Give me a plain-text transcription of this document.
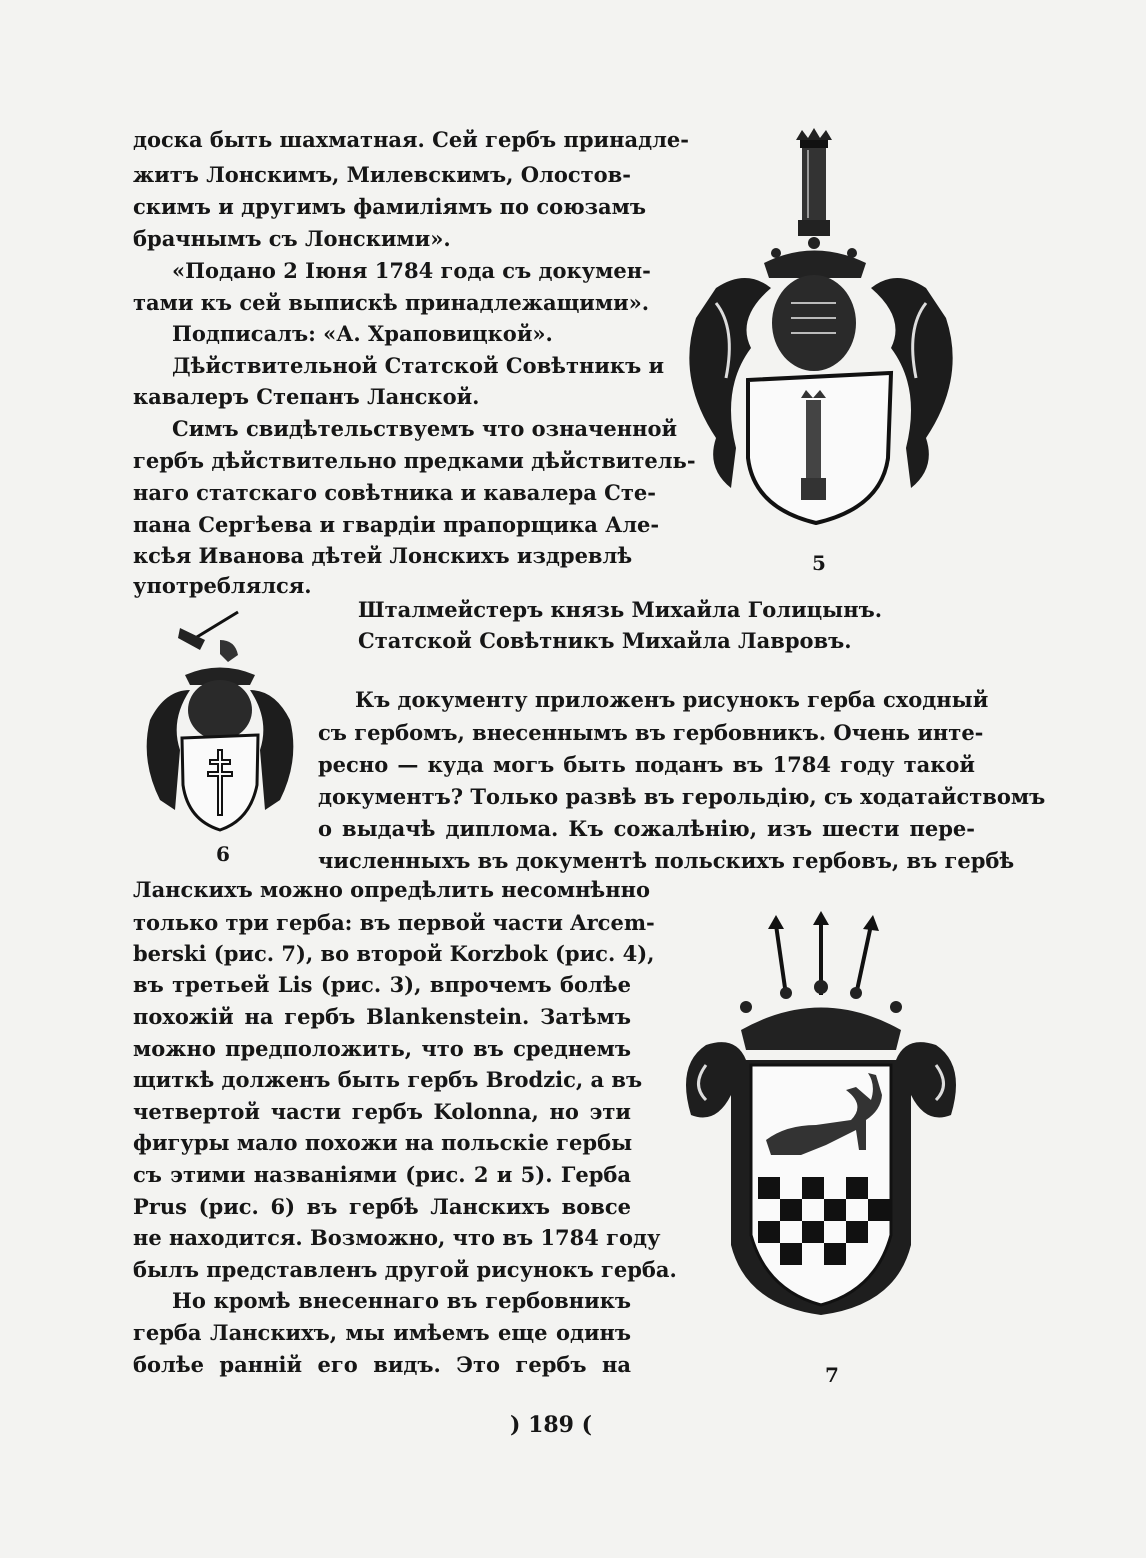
доска быть шахматная. Сей гербъ принадле-
житъ Лонскимъ, Милевскимъ, Олостов-
скимъ и другимъ фамиліямъ по союзамъ
брачнымъ съ Лонскими».
«Подано 2 Іюня 1784 года съ докумен-
тами къ сей выпискѣ принадлежащими».
Подписалъ: «А. Храповицкой».
Дѣйствительной Статской Совѣтникъ и
кавалеръ Степанъ Ланской.
Симъ свидѣтельствуемъ что означенной
гербъ дѣйствительно предками дѣйствитель-
наго статскаго совѣтника и кавалера Сте-
пана Сергѣева и гвардіи прапорщика Але-
ксѣя Иванова дѣтей Лонскихъ издревлѣ
употреблялся.
Шталмейстеръ князь Михайла Голицынъ.
Статской Совѣтникъ Михайла Лавровъ.
Къ документу приложенъ рисунокъ герба сходный
съ гербомъ, внесеннымъ въ гербовникъ. Очень инте-
ресно — куда могъ быть поданъ въ 1784 году такой
документъ? Только развѣ въ герольдію, съ ходатайствомъ
о выдачѣ диплома. Къ сожалѣнію, изъ шести пере-
численныхъ въ документѣ польскихъ гербовъ, въ гербѣ
Ланскихъ можно опредѣлить несомнѣнно
только три герба: въ первой части Arcem-
berski (рис. 7), во второй Korzbok (рис. 4),
въ третьей Lis (рис. 3), впрочемъ болѣе
похожій на гербъ Blankenstein. Затѣмъ
можно предположить, что въ среднемъ
щиткѣ долженъ быть гербъ Brodzic, а въ
четвертой части гербъ Kolonna, но эти
фигуры мало похожи на польскіе гербы
съ этими названіями (рис. 2 и 5). Герба
Prus (рис. 6) въ гербѣ Ланскихъ вовсе
не находится. Возможно, что въ 1784 году
былъ представленъ другой рисунокъ герба.
Но кромѣ внесеннаго въ гербовникъ
герба Ланскихъ, мы имѣемъ еще одинъ
болѣе ранній его видъ. Это гербъ на
5
6
7
) 189 (
